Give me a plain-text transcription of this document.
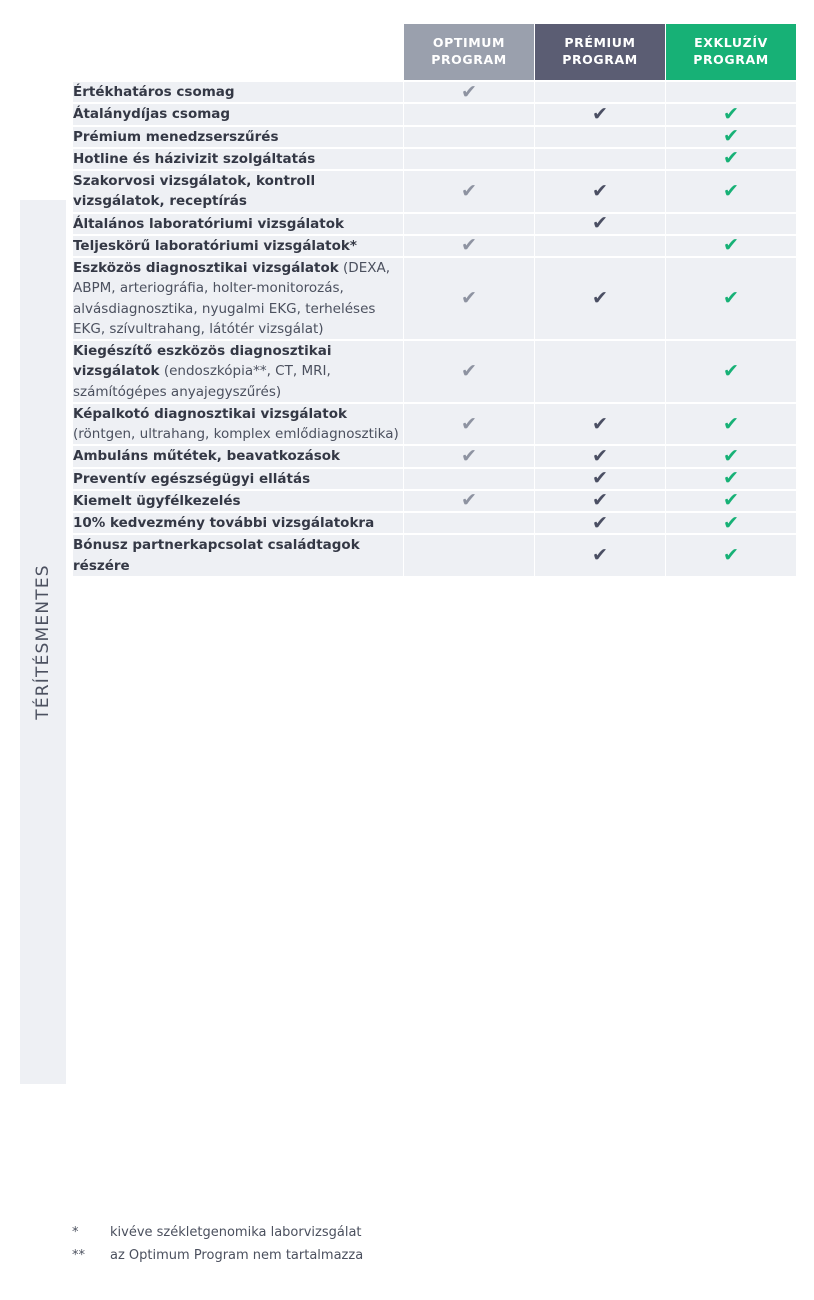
TÉRÍTÉSMENTES

OPTIMUM
PROGRAM

PRÉMIUM
PROGRAM

EXKLUZÍV
PROGRAM

Értékhatáros csomag	✔		
Átalánydíjas csomag		✔	✔
Prémium menedzserszűrés			✔
Hotline és házivizit szolgáltatás			✔
Szakorvosi vizsgálatok, kontroll vizsgálatok, receptírás	✔	✔	✔
Általános laboratóriumi vizsgálatok		✔	
Teljeskörű laboratóriumi vizsgálatok*	✔		✔
Eszközös diagnosztikai vizsgálatok (DEXA, ABPM, arteriográfia, holter-monitorozás, alvásdiagnosztika, nyugalmi EKG, terheléses EKG, szívultrahang, látótér vizsgálat)	✔	✔	✔
Kiegészítő eszközös diagnosztikai vizsgálatok (endoszkópia**, CT, MRI, számítógépes anyajegyszűrés)	✔		✔
Képalkotó diagnosztikai vizsgálatok (röntgen, ultrahang, komplex emlődiagnosztika)	✔	✔	✔
Ambuláns műtétek, beavatkozások	✔	✔	✔
Preventív egészségügyi ellátás		✔	✔
Kiemelt ügyfélkezelés	✔	✔	✔
10% kedvezmény további vizsgálatokra		✔	✔
Bónusz partnerkapcsolat családtagok részére		✔	✔
*	kivéve székletgenomika laborvizsgálat
**	az Optimum Program nem tartalmazza
